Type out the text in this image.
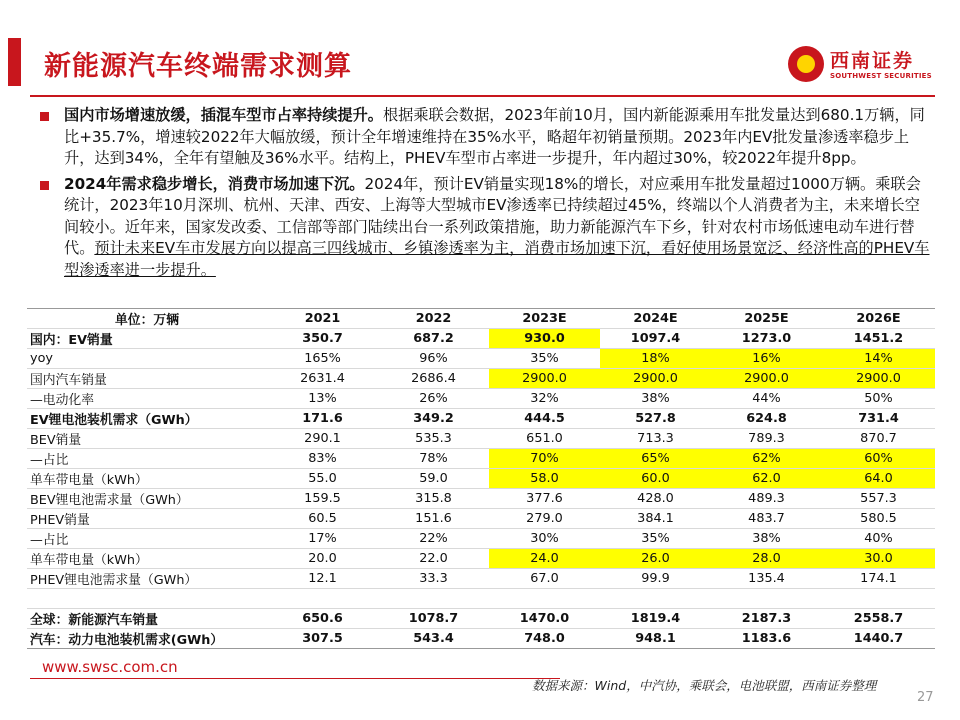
新能源汽车终端需求测算	西南证券
SOUTHWEST SECURITIES
国内市场增速放缓，插混车型市占率持续提升。根据乘联会数据，2023年前10月，国内新能源乘用车批发量达到680.1万辆，同比+35.7%，增速较2022年大幅放缓，预计全年增速维持在35%水平，略超年初销量预期。2023年内EV批发量渗透率稳步上升，达到34%，全年有望触及36%水平。结构上，PHEV车型市占率进一步提升，年内超过30%，较2022年提升8pp。
2024年需求稳步增长，消费市场加速下沉。2024年，预计EV销量实现18%的增长，对应乘用车批发量超过1000万辆。乘联会统计，2023年10月深圳、杭州、天津、西安、上海等大型城市EV渗透率已持续超过45%，终端以个人消费者为主，未来增长空间较小。近年来，国家发改委、工信部等部门陆续出台一系列政策措施，助力新能源汽车下乡，针对农村市场低速电动车进行替代。预计未来EV车市发展方向以提高三四线城市、乡镇渗透率为主，消费市场加速下沉，看好使用场景宽泛、经济性高的PHEV车型渗透率进一步提升。
单位：万辆	2021	2022	2023E	2024E	2025E	2026E
国内：EV销量	350.7	687.2	930.0	1097.4	1273.0	1451.2
yoy	165%	96%	35%	18%	16%	14%
国内汽车销量	2631.4	2686.4	2900.0	2900.0	2900.0	2900.0
—电动化率	13%	26%	32%	38%	44%	50%
EV锂电池装机需求（GWh）	171.6	349.2	444.5	527.8	624.8	731.4
BEV销量	290.1	535.3	651.0	713.3	789.3	870.7
—占比	83%	78%	70%	65%	62%	60%
单车带电量（kWh）	55.0	59.0	58.0	60.0	62.0	64.0
BEV锂电池需求量（GWh）	159.5	315.8	377.6	428.0	489.3	557.3
PHEV销量	60.5	151.6	279.0	384.1	483.7	580.5
—占比	17%	22%	30%	35%	38%	40%
单车带电量（kWh）	20.0	22.0	24.0	26.0	28.0	30.0
PHEV锂电池需求量（GWh）	12.1	33.3	67.0	99.9	135.4	174.1

全球：新能源汽车销量	650.6	1078.7	1470.0	1819.4	2187.3	2558.7
汽车：动力电池装机需求(GWh）	307.5	543.4	748.0	948.1	1183.6	1440.7
www.swsc.com.cn
数据来源：Wind，中汽协，乘联会，电池联盟，西南证券整理
27
